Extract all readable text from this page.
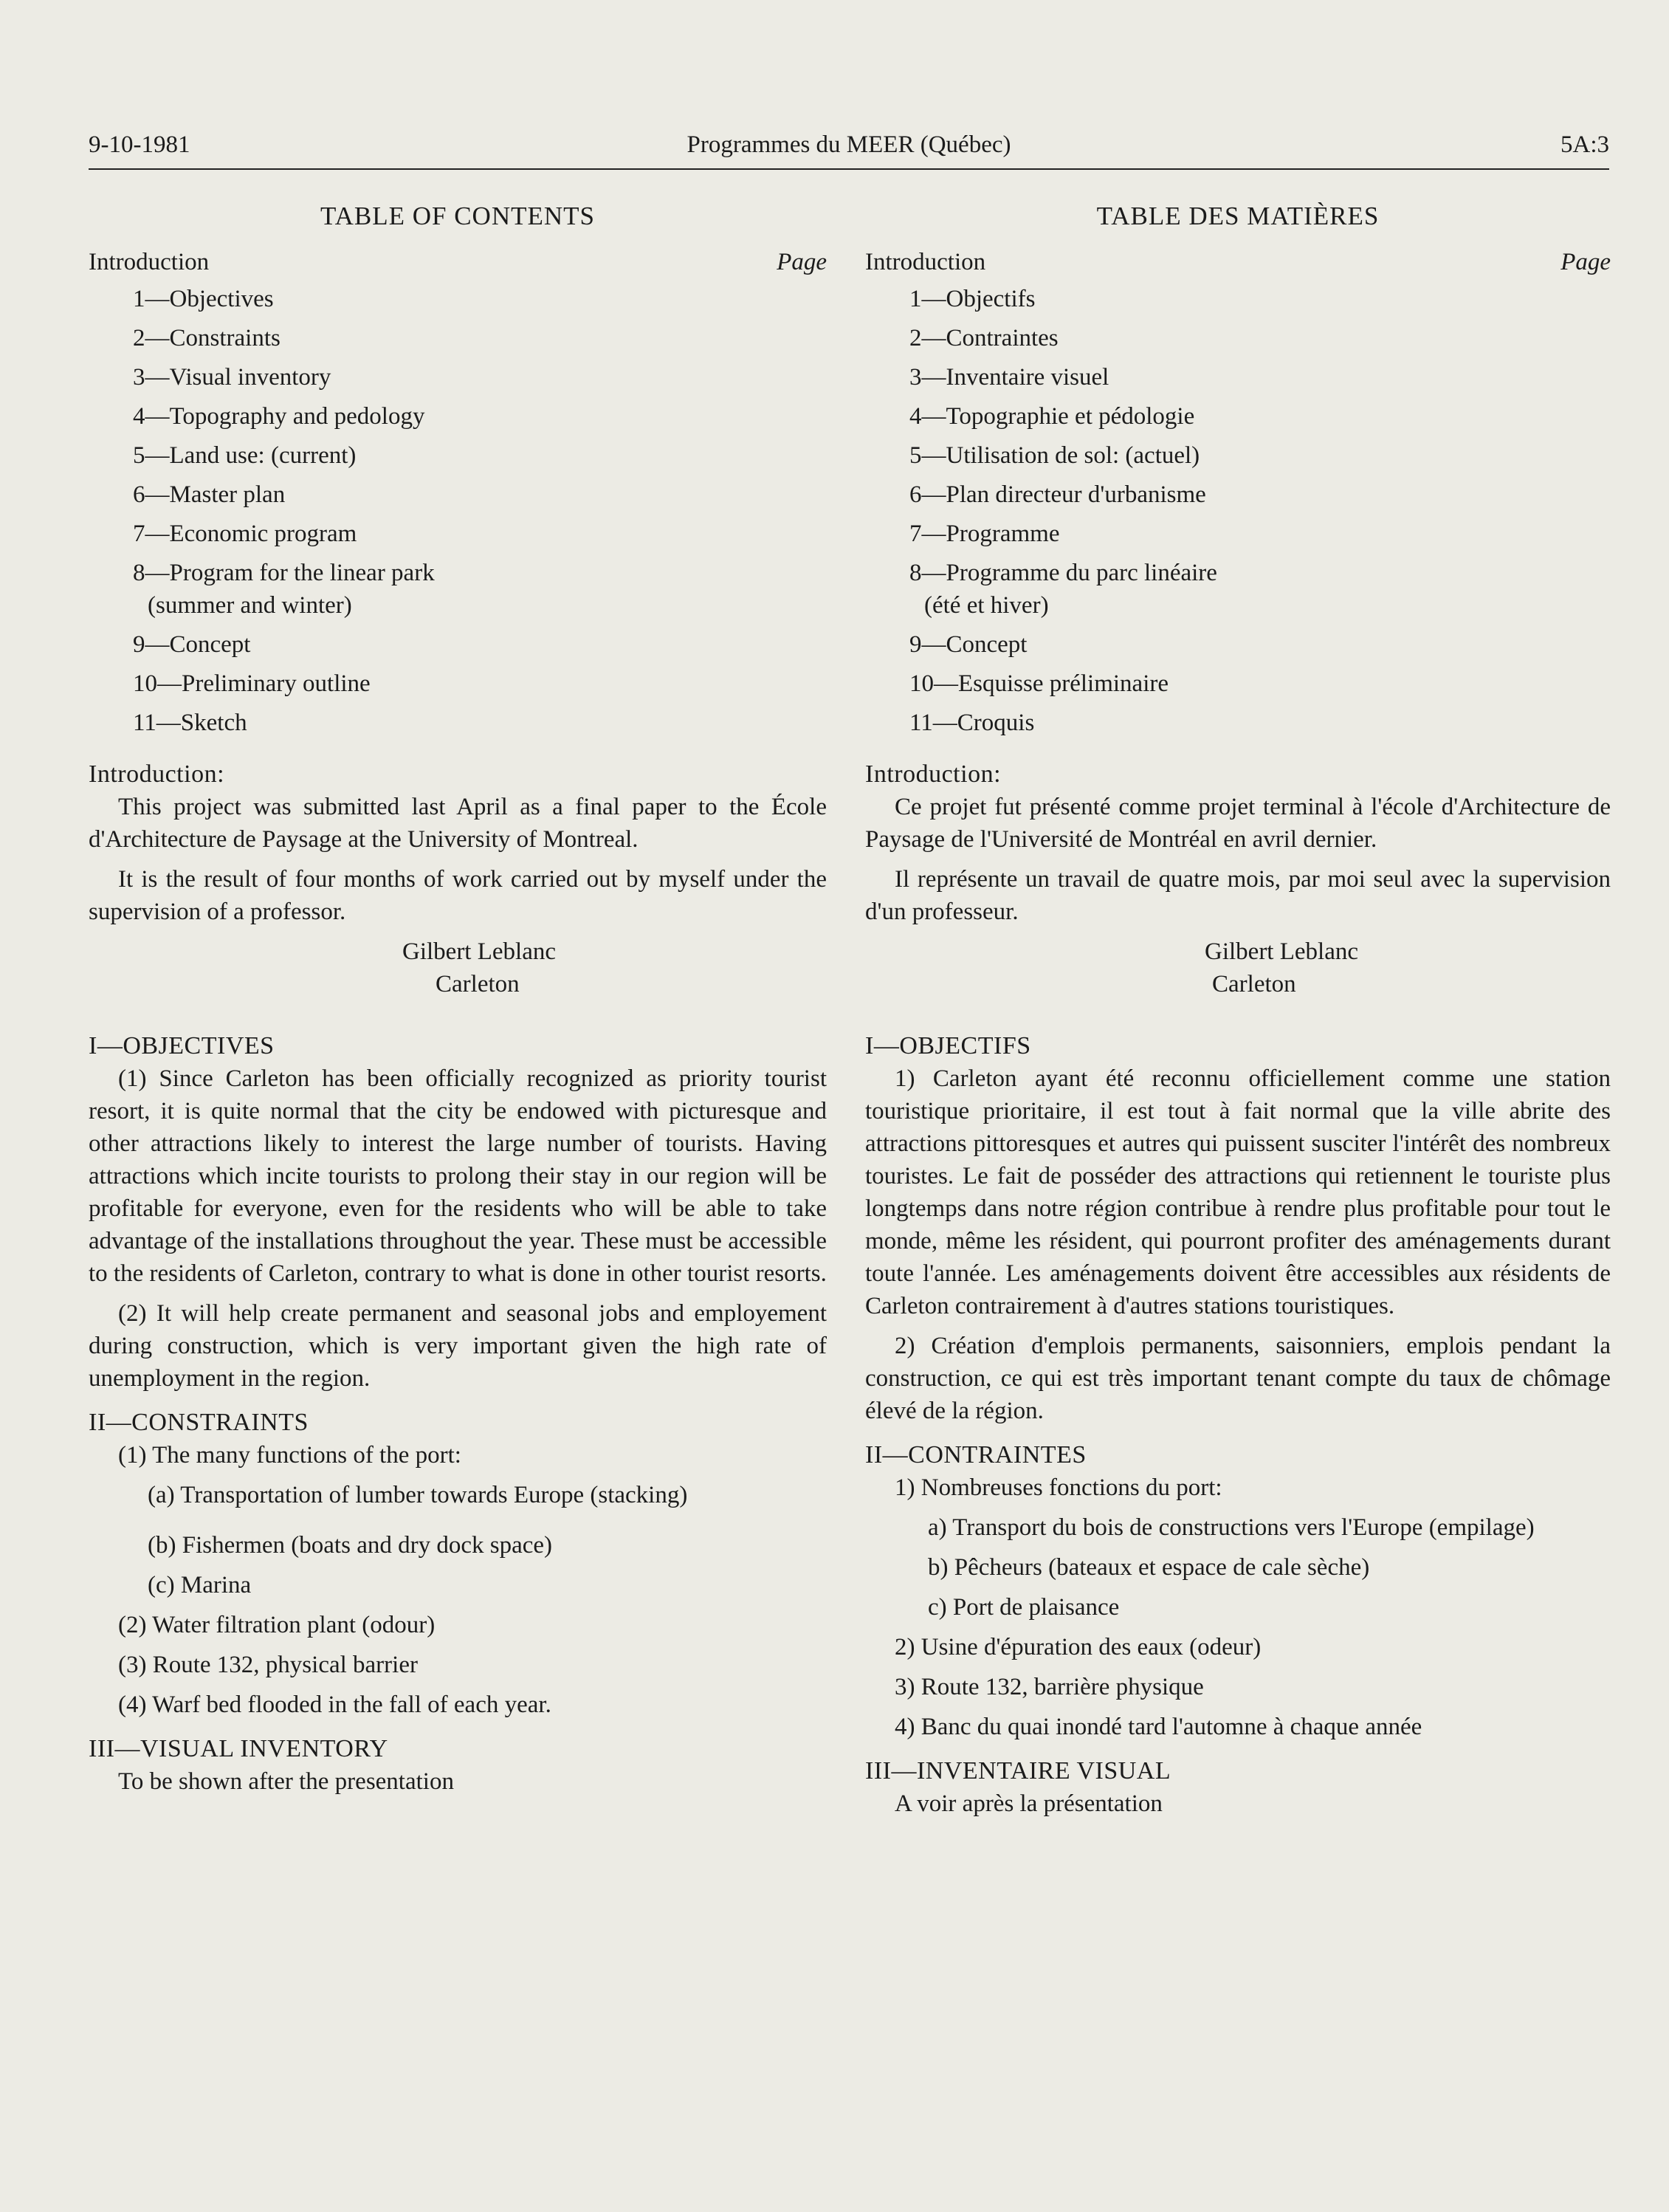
9-10-1981	Programmes du MEER (Québec)	5A:3
TABLE OF CONTENTS
Introduction	Page
1—Objectives
2—Constraints
3—Visual inventory
4—Topography and pedology
5—Land use: (current)
6—Master plan
7—Economic program
8—Program for the linear park
(summer and winter)
9—Concept
10—Preliminary outline
11—Sketch
Introduction:

This project was submitted last April as a final paper to the École d'Architecture de Paysage at the University of Montreal.

It is the result of four months of work carried out by myself under the supervision of a professor.

Gilbert Leblanc
Carleton
I—OBJECTIVES

(1) Since Carleton has been officially recognized as priority tourist resort, it is quite normal that the city be endowed with picturesque and other attractions likely to interest the large number of tourists. Having attractions which incite tourists to prolong their stay in our region will be profitable for everyone, even for the residents who will be able to take advantage of the installations throughout the year. These must be accessible to the residents of Carleton, contrary to what is done in other tourist resorts.

(2) It will help create permanent and seasonal jobs and employement during construction, which is very important given the high rate of unemployment in the region.

II—CONSTRAINTS
(1) The many functions of the port:
(a) Transportation of lumber towards Europe (stacking)
(b) Fishermen (boats and dry dock space)
(c) Marina
(2) Water filtration plant (odour)
(3) Route 132, physical barrier
(4) Warf bed flooded in the fall of each year.
III—VISUAL INVENTORY
To be shown after the presentation
TABLE DES MATIÈRES
Introduction	Page
1—Objectifs
2—Contraintes
3—Inventaire visuel
4—Topographie et pédologie
5—Utilisation de sol: (actuel)
6—Plan directeur d'urbanisme
7—Programme
8—Programme du parc linéaire
(été et hiver)
9—Concept
10—Esquisse préliminaire
11—Croquis
Introduction:

Ce projet fut présenté comme projet terminal à l'école d'Architecture de Paysage de l'Université de Montréal en avril dernier.

Il représente un travail de quatre mois, par moi seul avec la supervision d'un professeur.

Gilbert Leblanc
Carleton
I—OBJECTIFS

1) Carleton ayant été reconnu officiellement comme une station touristique prioritaire, il est tout à fait normal que la ville abrite des attractions pittoresques et autres qui puissent susciter l'intérêt des nombreux touristes. Le fait de posséder des attractions qui retiennent le touriste plus longtemps dans notre région contribue à rendre plus profitable pour tout le monde, même les résident, qui pourront profiter des aménagements durant toute l'année. Les aménagements doivent être accessibles aux résidents de Carleton contrairement à d'autres stations touristiques.

2) Création d'emplois permanents, saisonniers, emplois pendant la construction, ce qui est très important tenant compte du taux de chômage élevé de la région.

II—CONTRAINTES
1) Nombreuses fonctions du port:
a) Transport du bois de constructions vers l'Europe (empilage)
b) Pêcheurs (bateaux et espace de cale sèche)
c) Port de plaisance
2) Usine d'épuration des eaux (odeur)
3) Route 132, barrière physique
4) Banc du quai inondé tard l'automne à chaque année
III—INVENTAIRE VISUAL
A voir après la présentation
